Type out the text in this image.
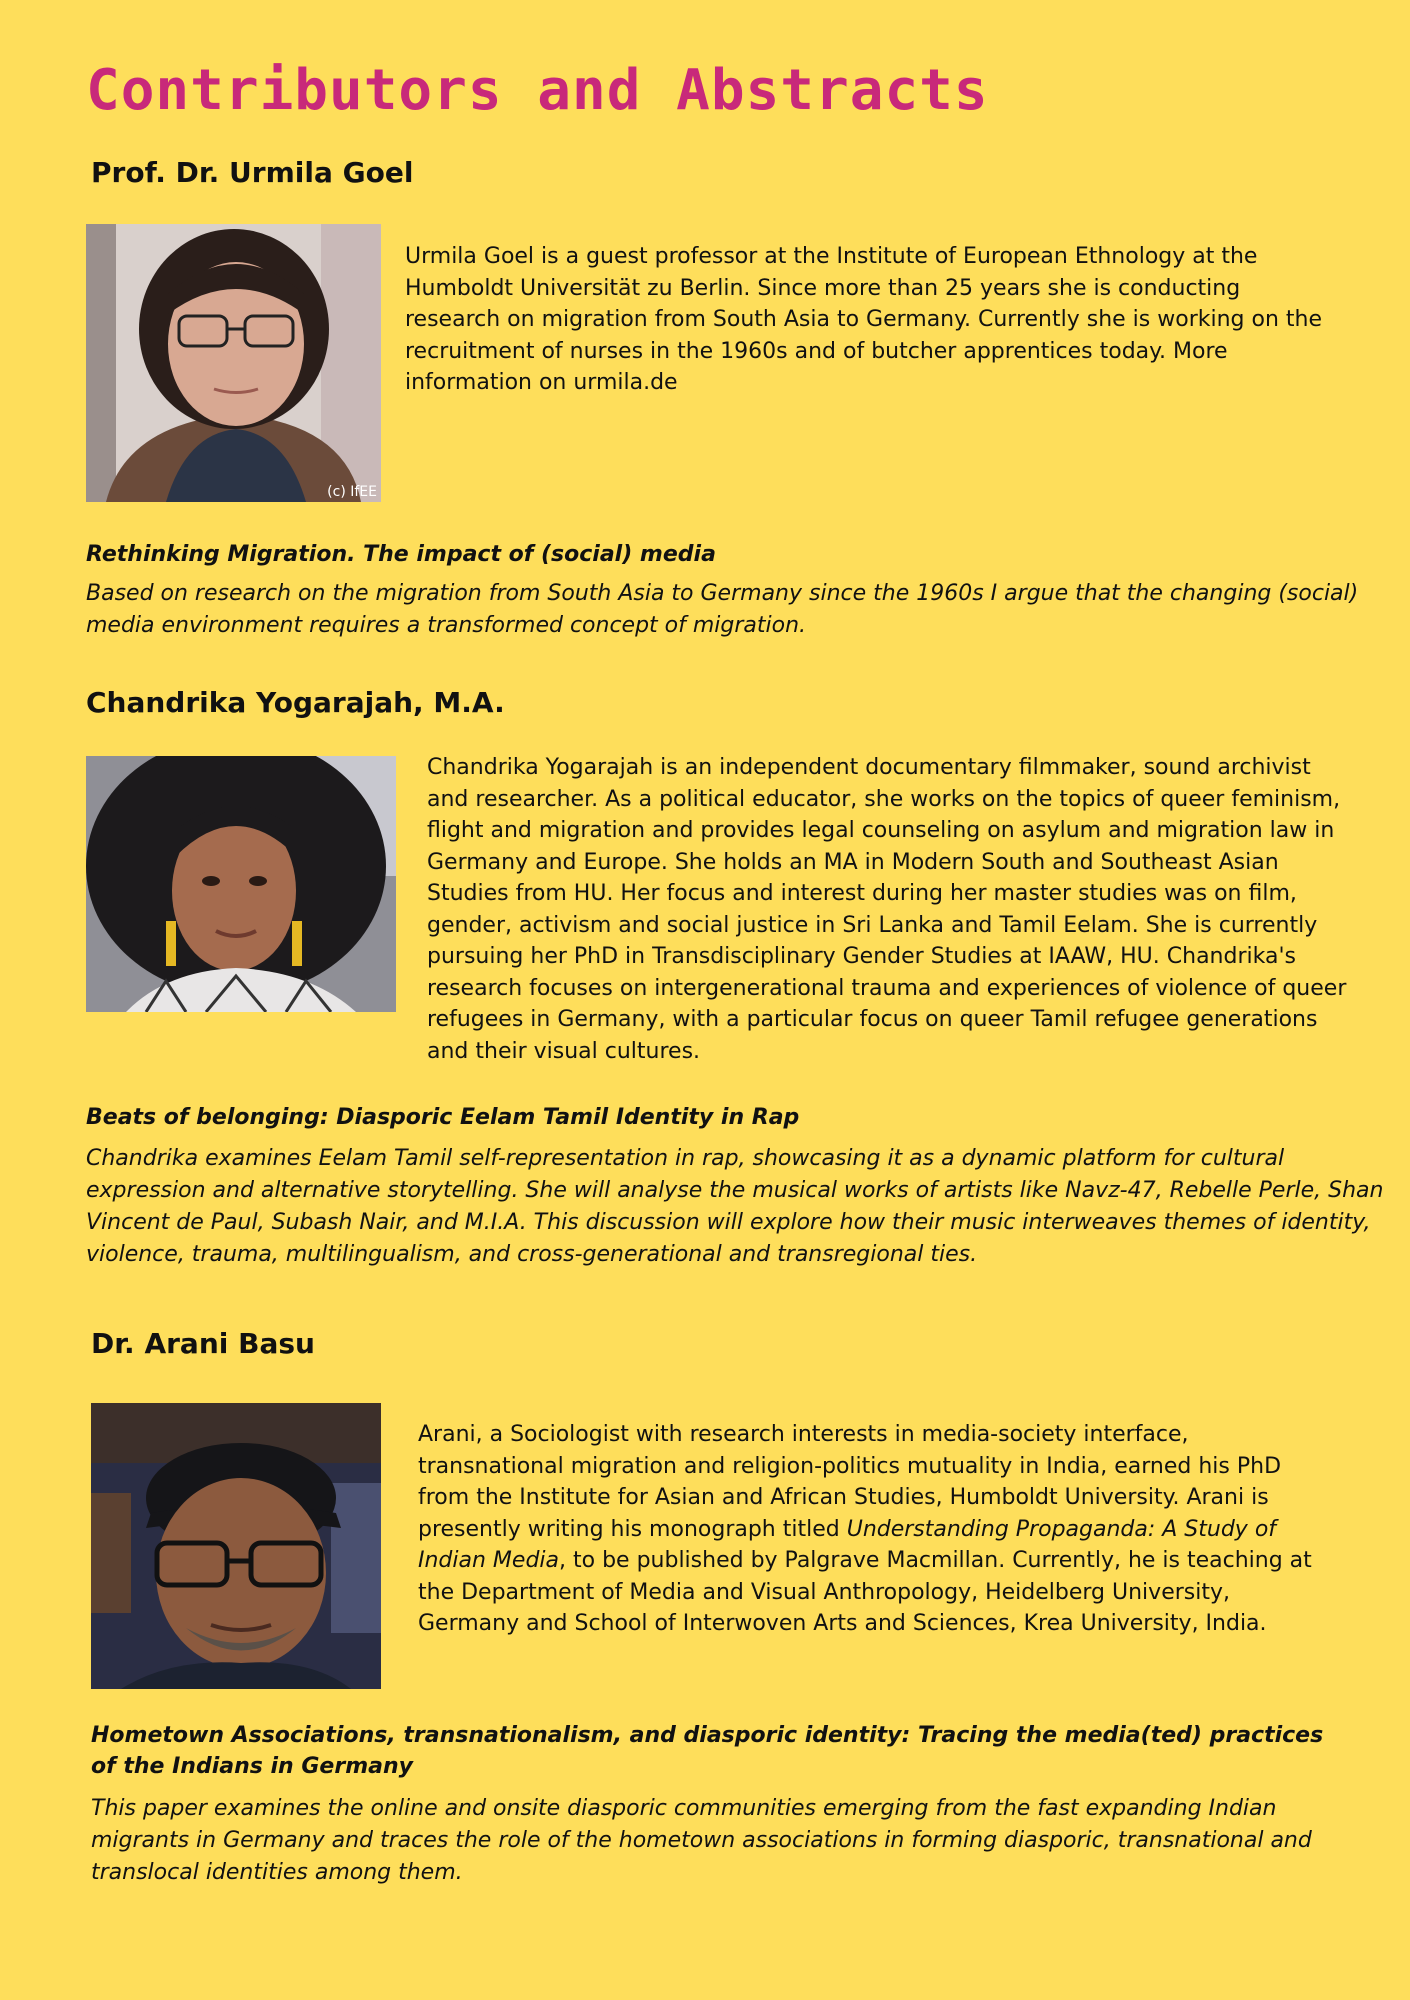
Contributors and Abstracts
Prof. Dr. Urmila Goel
(c) IfEE

Urmila Goel is a guest professor at the Institute of European Ethnology at the Humboldt Universität zu Berlin. Since more than 25 years she is conducting research on migration from South Asia to Germany. Currently she is working on the recruitment of nurses in the 1960s and of butcher apprentices today. More information on urmila.de

Rethinking Migration. The impact of (social) media

Based on research on the migration from South Asia to Germany since the 1960s I argue that the changing (social) media environment requires a transformed concept of migration.

Chandrika Yogarajah, M.A.

Chandrika Yogarajah is an independent documentary filmmaker, sound archivist and researcher. As a political educator, she works on the topics of queer feminism, flight and migration and provides legal counseling on asylum and migration law in Germany and Europe. She holds an MA in Modern South and Southeast Asian Studies from HU. Her focus and interest during her master studies was on film, gender, activism and social justice in Sri Lanka and Tamil Eelam. She is currently pursuing her PhD in Transdisciplinary Gender Studies at IAAW, HU. Chandrika's research focuses on intergenerational trauma and experiences of violence of queer refugees in Germany, with a particular focus on queer Tamil refugee generations and their visual cultures.

Beats of belonging: Diasporic Eelam Tamil Identity in Rap

Chandrika examines Eelam Tamil self-representation in rap, showcasing it as a dynamic platform for cultural expression and alternative storytelling. She will analyse the musical works of artists like Navz-47, Rebelle Perle, Shan Vincent de Paul, Subash Nair, and M.I.A. This discussion will explore how their music interweaves themes of identity, violence, trauma, multilingualism, and cross-generational and transregional ties.

Dr. Arani Basu

Arani, a Sociologist with research interests in media-society interface, transnational migration and religion-politics mutuality in India, earned his PhD from the Institute for Asian and African Studies, Humboldt University. Arani is presently writing his monograph titled Understanding Propaganda: A Study of Indian Media, to be published by Palgrave Macmillan. Currently, he is teaching at the Department of Media and Visual Anthropology, Heidelberg University, Germany and School of Interwoven Arts and Sciences, Krea University, India.

Hometown Associations, transnationalism, and diasporic identity: Tracing the media(ted) practices of the Indians in Germany

This paper examines the online and onsite diasporic communities emerging from the fast expanding Indian migrants in Germany and traces the role of the hometown associations in forming diasporic, transnational and translocal identities among them.
